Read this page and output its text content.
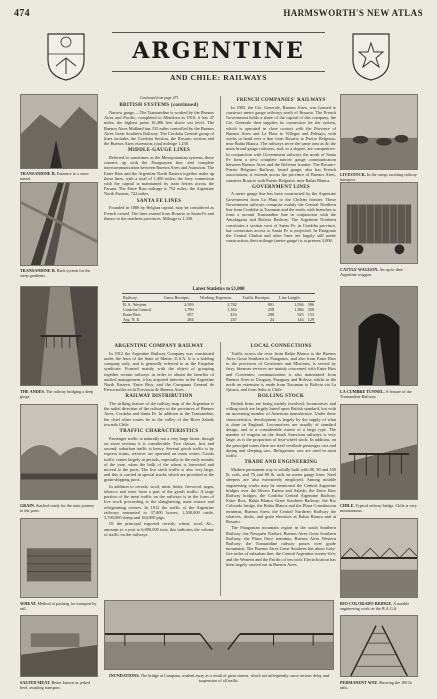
474	HARMSWORTH'S NEW ATLAS
ARGENTINE
AND CHILE: RAILWAYS
TRANSANDINE R. Entrance to a snow tunnel.
TRANSANDINE R. Rack system for the steep gradients.
THE ANDES. The railway bridging a deep gorge.
GRAIN. Stacked ready for the train journey to the ports.
WHEAT. Method of packing for transport by rail.
SALTED MEAT. Better known as jerked beef, awaiting transport.
LIVESTOCK. In the camp, awaiting railway transport.
CATTLE WAGGON. An up-to-date Argentine waggon.
LA CUMBRE TUNNEL. A feature of the Transandine Railway.
CHILE. Typical railway bridge. Chile is very mountainous.
RIO COLORADO BRIDGE. A notable engineering work on the B.A.G.S.
PERMANENT WAY. Showing the 100 lb rails.
INUNDATIONS. The bridge at Campana, washed away as a result of great storms, which not infrequently cause serious delay and suspension of all traffic.
Continued from page 471
BRITISH SYSTEMS (continued)
Narrow gauge.—The Transandine is worked by the Buenos Aires and Pacific; completed to Mendoza in 1910, it has 47 miles, the highest point 10,486 feet above sea level. The Buenos Aires Midland has 332 miles controlled by the Buenos Aires Great Southern Railway. The Cordoba Central group of lines includes the Cordoba Section, the Rosario section and the Buenos Aires extension; total mileage 1,230.
MIDDLE-GAUGE LINES
Referred to sometimes as the Mesopotamian systems, these connect up with the Paraguayan line, and complete intercommunication between Buenos Aires and Asuncion. The Entre Rios and the Argentine North Eastern together make up these lines, with a total of 1,400 miles; the ferry connection with the capital is maintained by train ferries across the Parana. The Entre Rios mileage is 752 miles; the Argentine North Eastern, 722 miles.
SANTA FE LINES
Founded in 1886 by Belgian capital, may be considered as French owned. The lines extend from Rosario to Santa Fe and thence to the northern provinces. Mileage is 1,330.
FRENCH COMPANIES' RAILWAYS
In 1905, the Cie. Generale, Buenos Aires, was formed to construct metre gauge railways north of Rosario. The French Government holds a share of the capital of this company, the Cie. Generale then supplies its connection for the system, which is operated in close contact with the Province of Buenos Aires and La Plata to Villegas and Pehuajo, with works in hand over a line from Rosario to Puerto Belgrano, near Bahia Blanca. The railways serve the same area as do the main broad gauge railways, and, to a degree, are competitive. In conjunction with Government railways the north of Santa Fe form a new complete narrow gauge communication between Buenos Aires and the Bolivian frontier. The Rosario-Puerto Belgrano Railway, broad gauge, also has French associations; it extends across the province of Buenos Aires, connects Rosario with Puerto Belgrano, near Bahia Blanca.
GOVERNMENT LINES
A metre gauge line has been constructed by the Argentine Government from La Plata to the Chilean frontier. These Government railways comprise mainly the Central Northern line from Cordoba to Tucuman and the north, with branches to form a second Transandine line in conjunction with the Antofagasta and Bolivia Railway. The Argentine Northern constitutes a section west of Santa Fe, in Cordoba province, but connection access to Santa Fe is projected. In Patagonia the Central Chubut and other lines are largely still under construction; their mileage (metre gauge) is at present 3,000.
Latest Statistics to £1,000
Railway.	Gross Receipts.	Working Expenses.	Traffic Receipts.	Line Length.	
B. A. Western	2,959	2,782	801	1,936	596
Cordoba Central	1,799	1,363	258	1,386	358
Entre Rios	857	416	280	925	153
Arg. N. E.	284	247	24	144	129
ARGENTINE COMPANY RAILWAY
In 1912 the Argentine Railway Company was constituted under the laws of the State of Maine, U.S.A. It is a holding company only, and is generally referred to as the Farquhar syndicate. Formed mainly with the object of grouping together certain railways in order to obtain the benefits of unified management, it has acquired interests in the Argentine North Eastern, Entre Rios, and the Compania General de Ferrocarriles en la Provincia de Buenos Aires.
RAILWAY DISTRIBUTION
The striking feature of the railway map of the Argentine is the radial direction of the railways to the provinces of Buenos Aires, Cordoba and Santa Fe. In addition to the Transandine, the chief other routes lie in the valley of the River Salado towards Chile.
TRAFFIC CHARACTERISTICS
Passenger traffic is naturally not a very large factor, though on some sections it is considerable. Two classes, first and second; suburban traffic is heavy. Several goods traffic is by express trains, services are operated on main routes. Goods traffic comes largely in periods, especially in the early months of the year, when the bulk of the wheat is harvested and moved to the ports. The live stock traffic is also very large, and this is carried in special trucks which are provided at the grain-shipping ports.
In addition to cereals, wool, meat, hides, firewood, sugar, tobacco and wine form a part of the goods traffic. A large portion of the meat traffic on the railways is in the form of live stock proceeding to the slaughtering, meat extract and refrigerating centres. In 1912 the traffic of the Argentine railways amounted to 37,000 horses, 1,500,000 cattle, 3,700,000 sheep and 184,000 pigs.
Of the principal exported cereals, wheat, wool, &c., amounts to a year to 6,000,000 tons; this indicates the volume of traffic on the railways.
LOCAL CONNECTIONS
Traffic across the river from Bahia Blanca to the Buenos Aires Great Southern at Patagones, and also from Entre Rios to the provinces of Corrientes and Misiones, is served by ferry. Steamer services are mainly concerned with Entre Rios and Corrientes; communication is also maintained from Buenos Aires to Uruguay, Paraguay and Bolivia, whilst in the north an extension is made from Tucuman to Bolivia via La Quiaca, and from Salta to Chile.
ROLLING STOCK
British firms are being mainly involved; locomotives and rolling stock are largely based upon British standard, but with an increasing number of American manufacture. Under these characteristics, development is largely by the supply of what is done in England. Locomotives are usually of standard design, and to a considerable extent of a large type. The number of wagons on the South American railways is very large, as is the proportion of four-wheel stock. In addition, on the principal trains there are steel vestibule passenger cars and dining and sleeping cars. Refrigerator cars are used in meat traffic.
TRADE AND ENGINEERING
Modern permanent way is solidly built with 80, 90 and 100 lb. rails, and 75 and 80 lb. rails on metre gauge lines. Steel sleepers are also extensively employed. Among notable engineering works may be mentioned the Central Argentine bridges over the Rivers Parana and Salado; the Entre Rios Railway bridges; the Cordoba Central Argentine Railway, Entre Rios, Bahia Blanca Great Southern Railway: the Rio Colorado bridge, the Bahia Blanca and the Plaza Constitucion terminus, Buenos Aires; the Central Northern: Railway the wharves, docks, and grain elevators at Bahia Blanca and at Rosario.
The Patagonian mountain region in the south Southern Railway: the Neuquén Viaduct; Buenos Aires Great Southern Railway: the Plaza Once terminus; Buenos Aires Western Railway: the Transandine railway passes over grade mountains. The Buenos Aires Great Southern has about forty-five miles of suburban line; the Central Argentine twenty-five; and the Western and the Pacific of ten each. Electrification has been largely carried out in Buenos Aires.
